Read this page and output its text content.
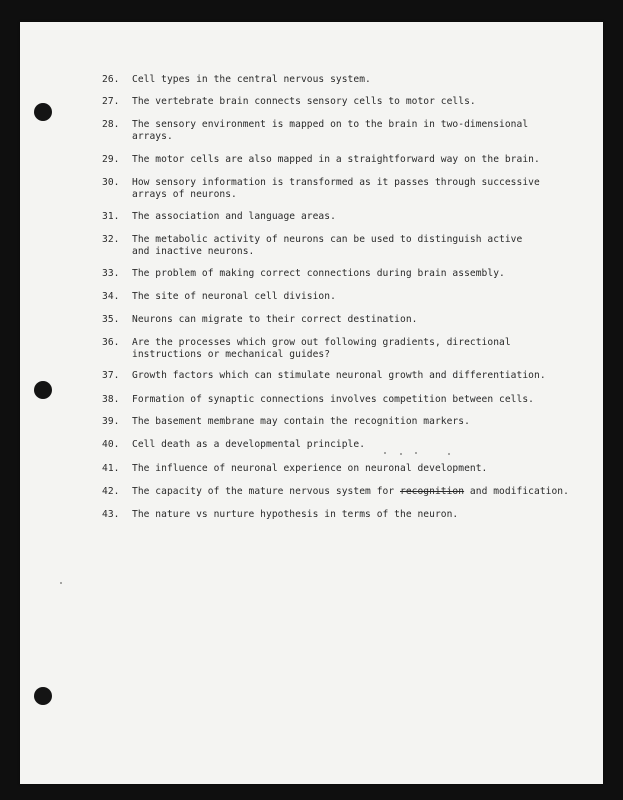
26.	Cell types in the central nervous system.
27.	The vertebrate brain connects sensory cells to motor cells.
28.	The sensory environment is mapped on to the brain in two-dimensional
arrays.
29.	The motor cells are also mapped in a straightforward way on the brain.
30.	How sensory information is transformed as it passes through successive
arrays of neurons.
31.	The association and language areas.
32.	The metabolic activity of neurons can be used to distinguish active
and inactive neurons.
33.	The problem of making correct connections during brain assembly.
34.	The site of neuronal cell division.
35.	Neurons can migrate to their correct destination.
36.	Are the processes which grow out following gradients, directional
instructions or mechanical guides?
37.	Growth factors which can stimulate neuronal growth and differentiation.
38.	Formation of synaptic connections involves competition between cells.
39.	The basement membrane may contain the recognition markers.
40.	Cell death as a developmental principle.
41.	The influence of neuronal experience on neuronal development.
42.	The capacity of the mature nervous system for recognition and modification.
43.	The nature vs nurture hypothesis in terms of the neuron.
